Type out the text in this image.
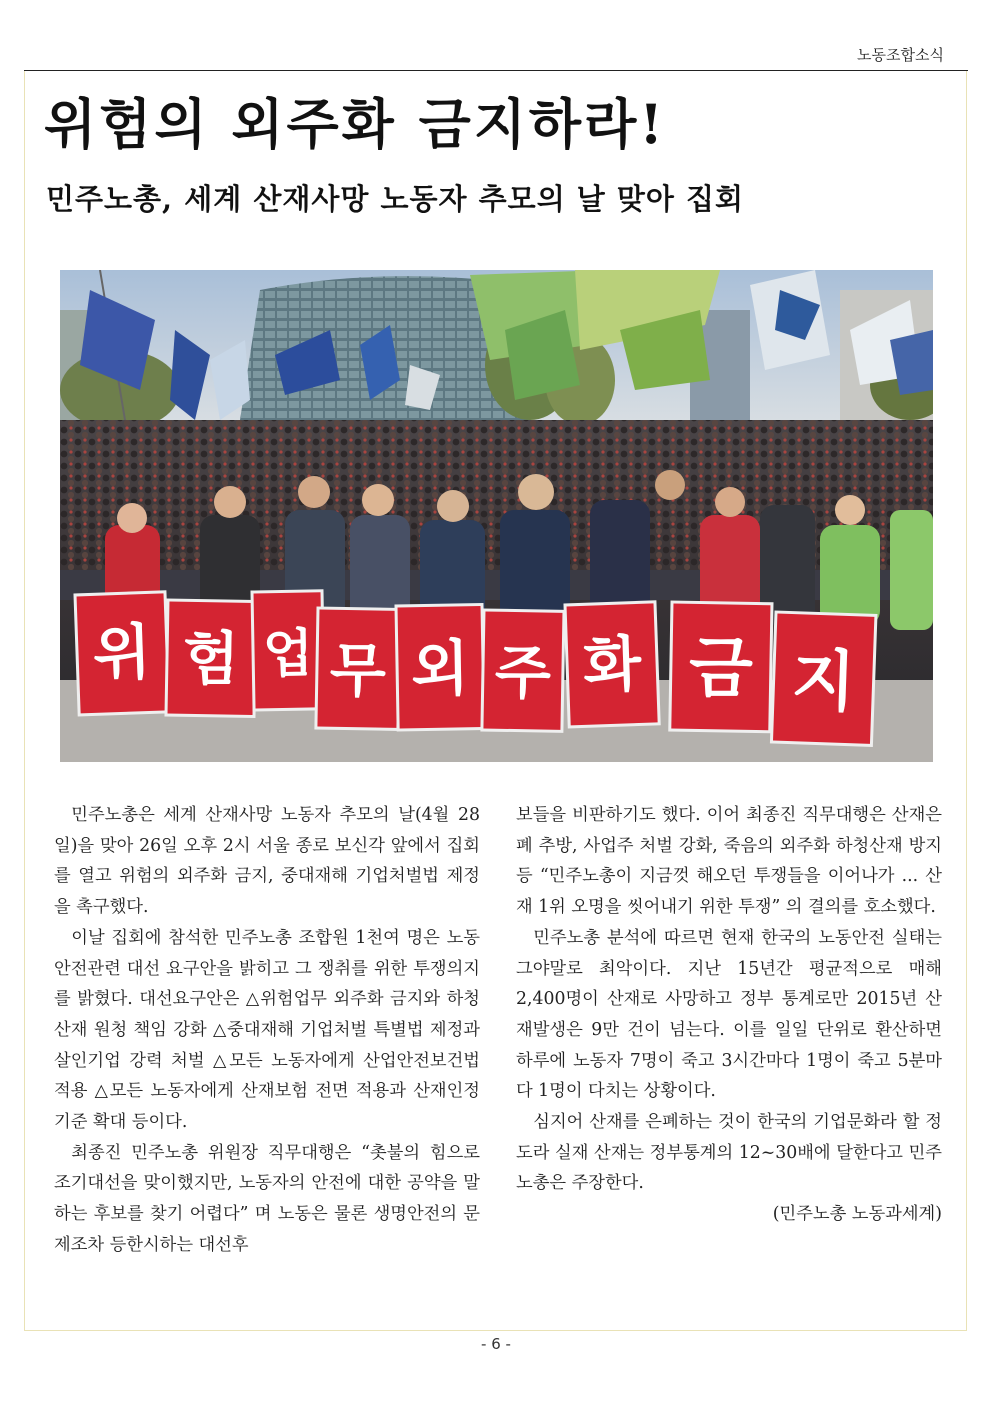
노동조합소식
위험의 외주화 금지하라!
민주노총, 세계 산재사망 노동자 추모의 날 맞아 집회
위 험 업 무 외 주 화 금 지

민주노총은 세계 산재사망 노동자 추모의 날(4월 28일)을 맞아 26일 오후 2시 서울 종로 보신각 앞에서 집회를 열고 위험의 외주화 금지, 중대재해 기업처벌법 제정을 촉구했다.

이날 집회에 참석한 민주노총 조합원 1천여 명은 노동안전관련 대선 요구안을 밝히고 그 쟁취를 위한 투쟁의지를 밝혔다. 대선요구안은 △위험업무 외주화 금지와 하청산재 원청 책임 강화 △중대재해 기업처벌 특별법 제정과 살인기업 강력 처벌 △모든 노동자에게 산업안전보건법 적용 △모든 노동자에게 산재보험 전면 적용과 산재인정 기준 확대 등이다.

최종진 민주노총 위원장 직무대행은 “촛불의 힘으로 조기대선을 맞이했지만, 노동자의 안전에 대한 공약을 말하는 후보를 찾기 어렵다” 며 노동은 물론 생명안전의 문제조차 등한시하는 대선후

보들을 비판하기도 했다. 이어 최종진 직무대행은 산재은폐 추방, 사업주 처벌 강화, 죽음의 외주화 하청산재 방지 등 “민주노총이 지금껏 해오던 투쟁들을 이어나가 ... 산재 1위 오명을 씻어내기 위한 투쟁” 의 결의를 호소했다.

민주노총 분석에 따르면 현재 한국의 노동안전 실태는 그야말로 최악이다. 지난 15년간 평균적으로 매해 2,400명이 산재로 사망하고 정부 통계로만 2015년 산재발생은 9만 건이 넘는다. 이를 일일 단위로 환산하면 하루에 노동자 7명이 죽고 3시간마다 1명이 죽고 5분마다 1명이 다치는 상황이다.

심지어 산재를 은폐하는 것이 한국의 기업문화라 할 정도라 실재 산재는 정부통계의 12~30배에 달한다고 민주노총은 주장한다.

(민주노총 노동과세계)

- 6 -
